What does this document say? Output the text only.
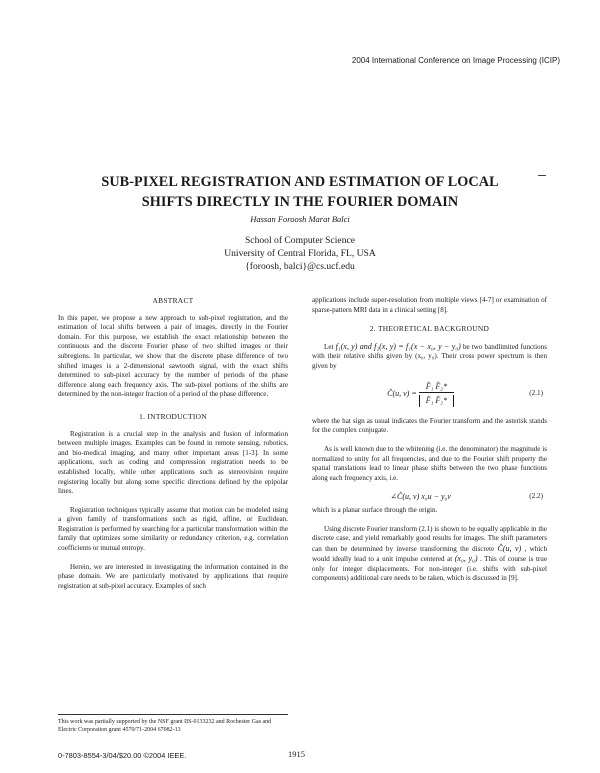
2004 International Conference on Image Processing (ICIP)
SUB-PIXEL REGISTRATION AND ESTIMATION OF LOCAL
SHIFTS DIRECTLY IN THE FOURIER DOMAIN
Hassan Foroosh Marat Balci
School of Computer Science
University of Central Florida, FL, USA
{foroosh, balci}@cs.ucf.edu
ABSTRACT

In this paper, we propose a new approach to sub-pixel registration, and the estimation of local shifts between a pair of images, directly in the Fourier domain. For this purpose, we establish the exact relationship between the continuous and the discrete Fourier phase of two shifted images or their subregions. In particular, we show that the discrete phase difference of two shifted images is a 2-dimensional sawtooth signal, with the exact shifts determined to sub-pixel accuracy by the number of periods of the phase difference along each frequency axis. The sub-pixel portions of the shifts are determined by the non-integer fraction of a period of the phase difference.

1. INTRODUCTION

Registration is a crucial step in the analysis and fusion of information between multiple images. Examples can be found in remote sensing, robotics, and bio-medical imaging, and many other important areas [1-3]. In some applications, such as coding and compression registration needs to be established locally, while other applications such as stereovision require registering locally but along some specific directions defined by the epipolar lines.

Registration techniques typically assume that motion can be modeled using a given family of transformations such as rigid, affine, or Euclidean. Registration is performed by searching for a particular transformation within the family that optimizes some similarity or redundancy criterion, e.g. correlation coefficients or mutual entropy.

Herein, we are interested in investigating the information contained in the phase domain. We are particularly motivated by applications that require registration at sub-pixel accuracy. Examples of such

applications include super-resolution from multiple views [4-7] or examination of sparse-pattern MRI data in a clinical setting [8].

2. THEORETICAL BACKGROUND

Let f₁(x, y) and f₂(x, y) = f₁(x − x₀, y − y₀) be two bandlimited functions with their relative shifts given by (x₀, y₀). Their cross power spectrum is then given by

Ĉ(u, $v) = \frac{\text{F̂₁ F̂₂*}}{\text{F̂₁ F̂₂*}}$	(2.1)

where the hat sign as usual indicates the Fourier transform and the asterisk stands for the complex conjugate.

As is well known due to the whitening (i.e. the denominator) the magnitude is normalized to unity for all frequencies, and due to the Fourier shift property the spatial translations lead to linear phase shifts between the two phase functions along each frequency axis, i.e.

∠Ĉ(u, v) x₀u − y₀v	(2.2)

which is a planar surface through the origin.

Using discrete Fourier transform (2.1) is shown to be equally applicable in the discrete case, and yield remarkably good results for images. The shift parameters can then be determined by inverse transforming the discrete Ĉ(u, v) , which would ideally lead to a unit impulse centered at (x₀, y₀) . This of course is true only for integer displacements. For non-integer (i.e. shifts with sub-pixel components) additional care needs to be taken, which is discussed in [9].

This work was partially supported by the NSF grant IIS-0133232 and Rochester Gas and Electric Corporation grant 4570/71-2004 67082-13
0-7803-8554-3/04/$20.00 ©2004 IEEE.	1915
